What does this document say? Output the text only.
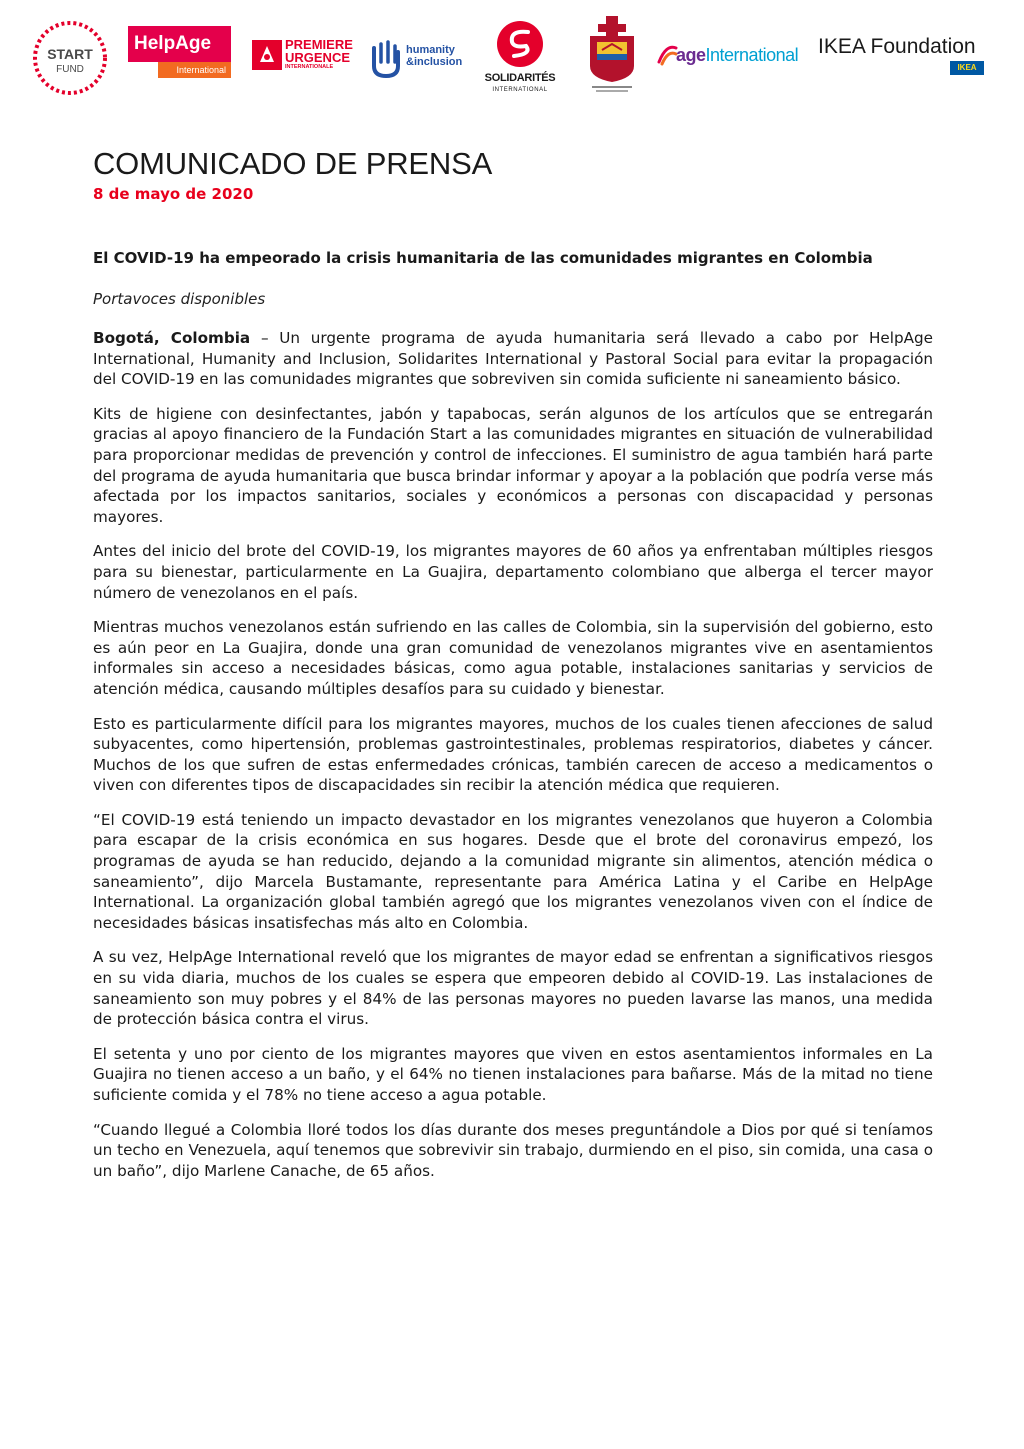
START
FUND
HelpAge
International
PREMIERE
URGENCE
INTERNATIONALE
humanity
&inclusion
SOLIDARITÉS
INTERNATIONAL
ageInternational IKEA Foundation
IKEA
COMUNICADO DE PRENSA
8 de mayo de 2020
El COVID-19 ha empeorado la crisis humanitaria de las comunidades migrantes en Colombia
Portavoces disponibles

Bogotá, Colombia – Un urgente programa de ayuda humanitaria será llevado a cabo por HelpAge International, Humanity and Inclusion, Solidarites International y Pastoral Social para evitar la propagación del COVID-19 en las comunidades migrantes que sobreviven sin comida suficiente ni saneamiento básico.

Kits de higiene con desinfectantes, jabón y tapabocas, serán algunos de los artículos que se entregarán gracias al apoyo financiero de la Fundación Start a las comunidades migrantes en situación de vulnerabilidad para proporcionar medidas de prevención y control de infecciones. El suministro de agua también hará parte del programa de ayuda humanitaria que busca brindar informar y apoyar a la población que podría verse más afectada por los impactos sanitarios, sociales y económicos a personas con discapacidad y personas mayores.

Antes del inicio del brote del COVID-19, los migrantes mayores de 60 años ya enfrentaban múltiples riesgos para su bienestar, particularmente en La Guajira, departamento colombiano que alberga el tercer mayor número de venezolanos en el país.

Mientras muchos venezolanos están sufriendo en las calles de Colombia, sin la supervisión del gobierno, esto es aún peor en La Guajira, donde una gran comunidad de venezolanos migrantes vive en asentamientos informales sin acceso a necesidades básicas, como agua potable, instalaciones sanitarias y servicios de atención médica, causando múltiples desafíos para su cuidado y bienestar.

Esto es particularmente difícil para los migrantes mayores, muchos de los cuales tienen afecciones de salud subyacentes, como hipertensión, problemas gastrointestinales, problemas respiratorios, diabetes y cáncer. Muchos de los que sufren de estas enfermedades crónicas, también carecen de acceso a medicamentos o viven con diferentes tipos de discapacidades sin recibir la atención médica que requieren.

“El COVID-19 está teniendo un impacto devastador en los migrantes venezolanos que huyeron a Colombia para escapar de la crisis económica en sus hogares. Desde que el brote del coronavirus empezó, los programas de ayuda se han reducido, dejando a la comunidad migrante sin alimentos, atención médica o saneamiento”, dijo Marcela Bustamante, representante para América Latina y el Caribe en HelpAge International. La organización global también agregó que los migrantes venezolanos viven con el índice de necesidades básicas insatisfechas más alto en Colombia.

A su vez, HelpAge International reveló que los migrantes de mayor edad se enfrentan a significativos riesgos en su vida diaria, muchos de los cuales se espera que empeoren debido al COVID-19. Las instalaciones de saneamiento son muy pobres y el 84% de las personas mayores no pueden lavarse las manos, una medida de protección básica contra el virus.

El setenta y uno por ciento de los migrantes mayores que viven en estos asentamientos informales en La Guajira no tienen acceso a un baño, y el 64% no tienen instalaciones para bañarse. Más de la mitad no tiene suficiente comida y el 78% no tiene acceso a agua potable.

“Cuando llegué a Colombia lloré todos los días durante dos meses preguntándole a Dios por qué si teníamos un techo en Venezuela, aquí tenemos que sobrevivir sin trabajo, durmiendo en el piso, sin comida, una casa o un baño”, dijo Marlene Canache, de 65 años.
